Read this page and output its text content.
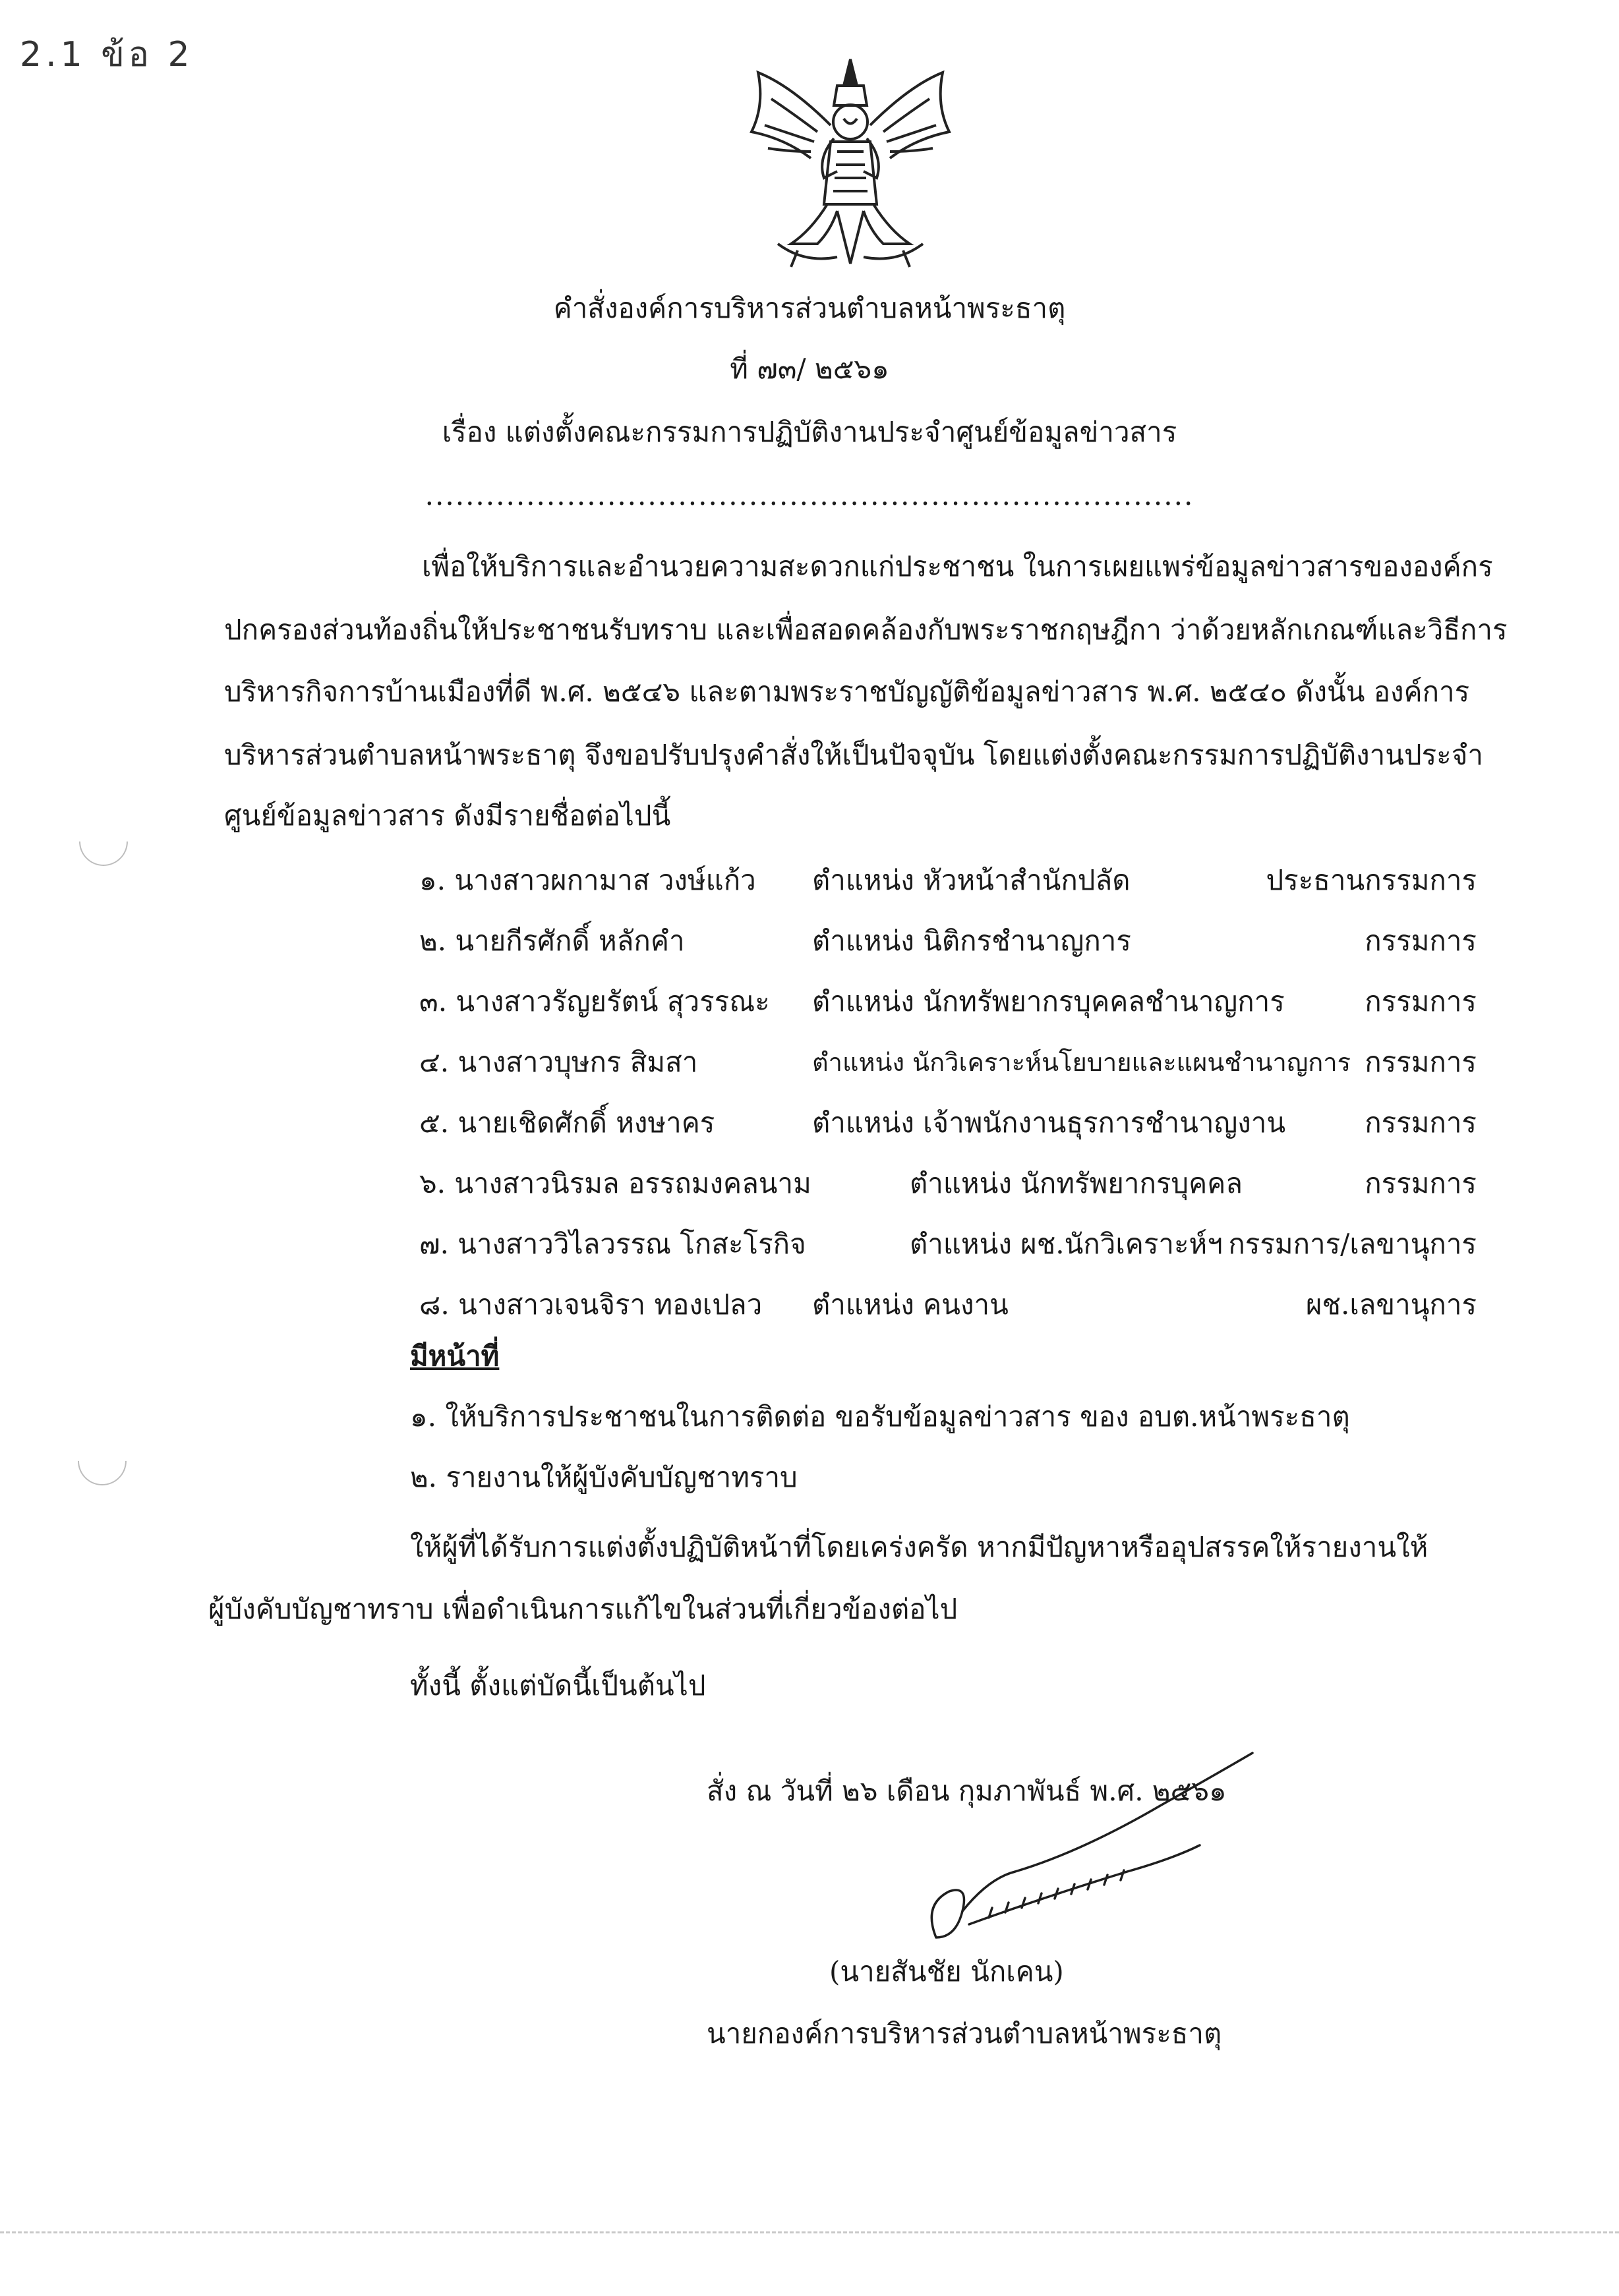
2.1 ข้อ 2
คำสั่งองค์การบริหารส่วนตำบลหน้าพระธาตุ
ที่ ๗๓/ ๒๕๖๑
เรื่อง แต่งตั้งคณะกรรมการปฏิบัติงานประจำศูนย์ข้อมูลข่าวสาร
............................................................................
เพื่อให้บริการและอำนวยความสะดวกแก่ประชาชน ในการเผยแพร่ข้อมูลข่าวสารขององค์กร
ปกครองส่วนท้องถิ่นให้ประชาชนรับทราบ และเพื่อสอดคล้องกับพระราชกฤษฎีกา ว่าด้วยหลักเกณฑ์และวิธีการ
บริหารกิจการบ้านเมืองที่ดี พ.ศ. ๒๕๔๖ และตามพระราชบัญญัติข้อมูลข่าวสาร พ.ศ. ๒๕๔๐ ดังนั้น องค์การ
บริหารส่วนตำบลหน้าพระธาตุ จึงขอปรับปรุงคำสั่งให้เป็นปัจจุบัน โดยแต่งตั้งคณะกรรมการปฏิบัติงานประจำ
ศูนย์ข้อมูลข่าวสาร ดังมีรายชื่อต่อไปนี้
๑. นางสาวผกามาส วงษ์แก้ว ตำแหน่ง หัวหน้าสำนักปลัด	ประธานกรรมการ
๒. นายกีรศักดิ์ หลักคำ	ตำแหน่ง นิติกรชำนาญการ	กรรมการ
๓. นางสาวรัญยรัตน์ สุวรรณะ ตำแหน่ง นักทรัพยากรบุคคลชำนาญการ	กรรมการ
๔. นางสาวบุษกร สิมสา	ตำแหน่ง นักวิเคราะห์นโยบายและแผนชำนาญการ กรรมการ
๕. นายเชิดศักดิ์ หงษาคร	ตำแหน่ง เจ้าพนักงานธุรการชำนาญงาน	กรรมการ
๖. นางสาวนิรมล อรรถมงคลนาม	ตำแหน่ง นักทรัพยากรบุคคล	กรรมการ
๗. นางสาววิไลวรรณ โกสะโรกิจ	ตำแหน่ง ผช.นักวิเคราะห์ฯ กรรมการ/เลขานุการ
๘. นางสาวเจนจิรา ทองเปลว ตำแหน่ง คนงาน	ผช.เลขานุการ
มีหน้าที่
๑. ให้บริการประชาชนในการติดต่อ ขอรับข้อมูลข่าวสาร ของ อบต.หน้าพระธาตุ
๒. รายงานให้ผู้บังคับบัญชาทราบ
ให้ผู้ที่ได้รับการแต่งตั้งปฏิบัติหน้าที่โดยเคร่งครัด หากมีปัญหาหรืออุปสรรคให้รายงานให้
ผู้บังคับบัญชาทราบ เพื่อดำเนินการแก้ไขในส่วนที่เกี่ยวข้องต่อไป
ทั้งนี้ ตั้งแต่บัดนี้เป็นต้นไป
สั่ง ณ วันที่ ๒๖ เดือน กุมภาพันธ์ พ.ศ. ๒๕๖๑
(นายสันชัย นักเคน)
นายกองค์การบริหารส่วนตำบลหน้าพระธาตุ
